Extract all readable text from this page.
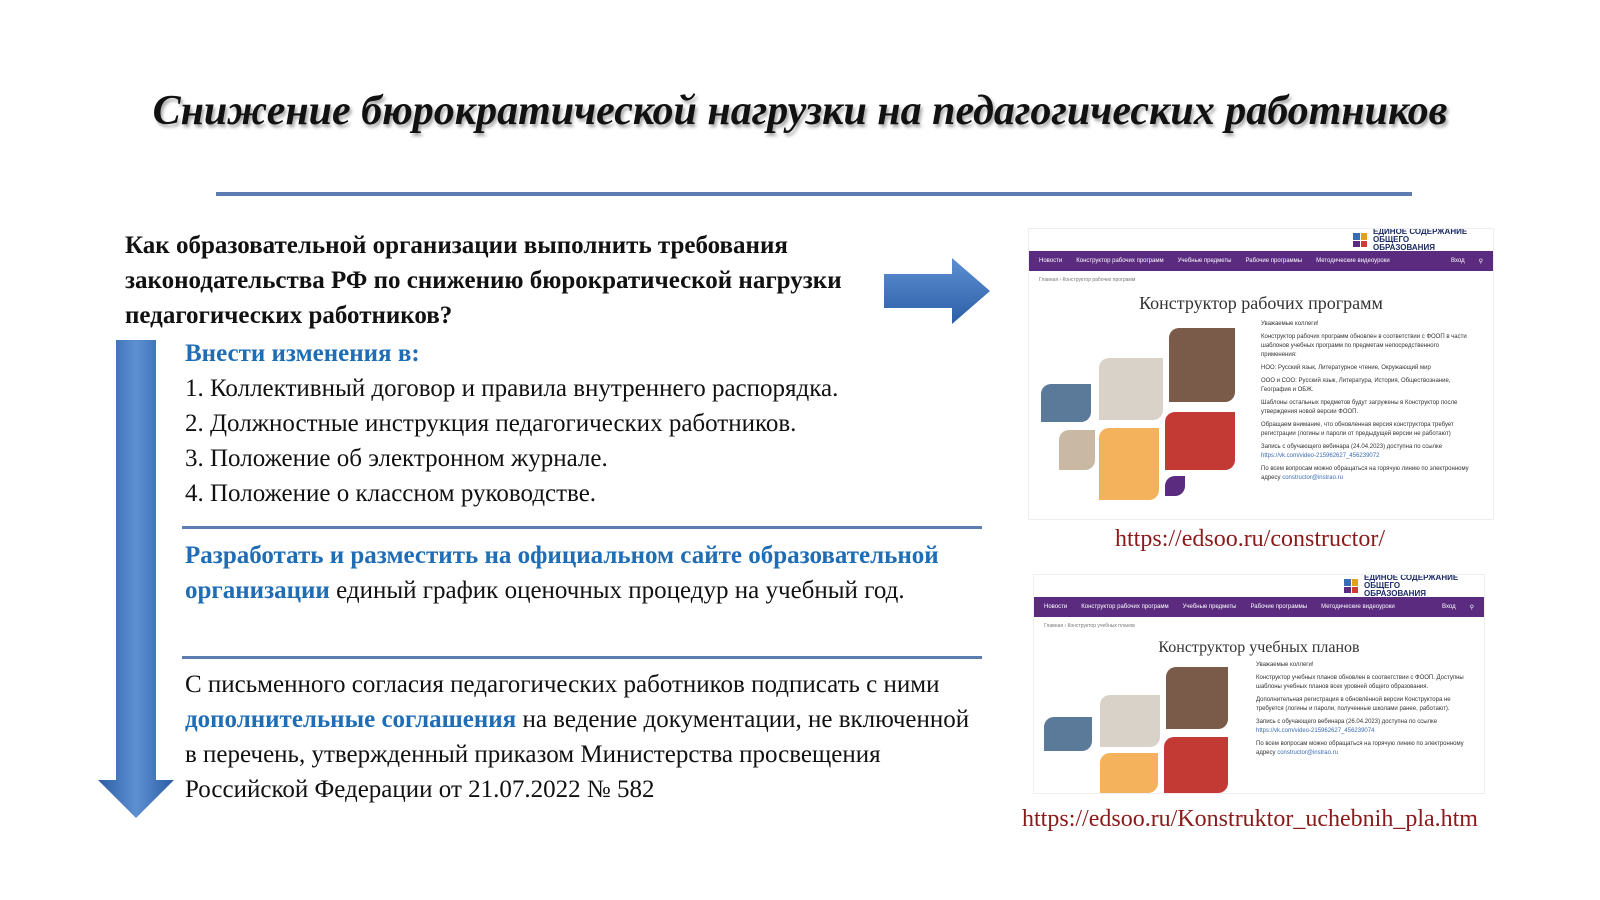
Снижение бюрократической нагрузки на педагогических работников
Как образовательной организации выполнить требования законодательства РФ по снижению бюрократической нагрузки педагогических работников?
Внести изменения в:
1. Коллективный договор и правила внутреннего распорядка.
2. Должностные инструкция педагогических работников.
3. Положение об электронном журнале.
4. Положение о классном руководстве.
Разработать и разместить на официальном сайте образовательной организации единый график оценочных процедур на учебный год.
С письменного согласия педагогических работников подписать с ними дополнительные соглашения на ведение документации, не включенной в перечень, утвержденный приказом Министерства просвещения Российской Федерации от 21.07.2022 № 582
ЕДИНОЕ СОДЕРЖАНИЕ ОБЩЕГО ОБРАЗОВАНИЯ
Новости Конструктор рабочих программ Учебные предметы Рабочие программы Методические видеоуроки	Вход ⚲
Главная › Конструктор рабочих программ
Конструктор рабочих программ

Уважаемые коллеги!

Конструктор рабочих программ обновлен в соответствии с ФООП в части шаблонов учебных программ по предметам непосредственного применения:

НОО: Русский язык, Литературное чтение, Окружающий мир

ООО и СОО: Русский язык, Литература, История, Обществознание, География и ОБЖ.

Шаблоны остальных предметов будут загружены в Конструктор после утверждения новой версии ФООП.

Обращаем внимание, что обновленная версия конструктора требует регистрации (логины и пароли от предыдущей версии не работают)

Запись с обучающего вебинара (24.04.2023) доступна по ссылке https://vk.com/video-215962627_456239072

По всем вопросам можно обращаться на горячую линию по электронному адресу constructor@instrao.ru

https://edsoo.ru/constructor/
ЕДИНОЕ СОДЕРЖАНИЕ ОБЩЕГО ОБРАЗОВАНИЯ
Новости Конструктор рабочих программ Учебные предметы Рабочие программы Методические видеоуроки	Вход ⚲
Главная › Конструктор учебных планов
Конструктор учебных планов

Уважаемые коллеги!

Конструктор учебных планов обновлен в соответствии с ФООП. Доступны шаблоны учебных планов всех уровней общего образования.

Дополнительная регистрация в обновлённой версии Конструктора не требуется (логины и пароли, полученные школами ранее, работают).

Запись с обучающего вебинара (26.04.2023) доступна по ссылке https://vk.com/video-215962627_456239074

По всем вопросам можно обращаться на горячую линию по электронному адресу constructor@instrao.ru

https://edsoo.ru/Konstruktor_uchebnih_pla.htm
